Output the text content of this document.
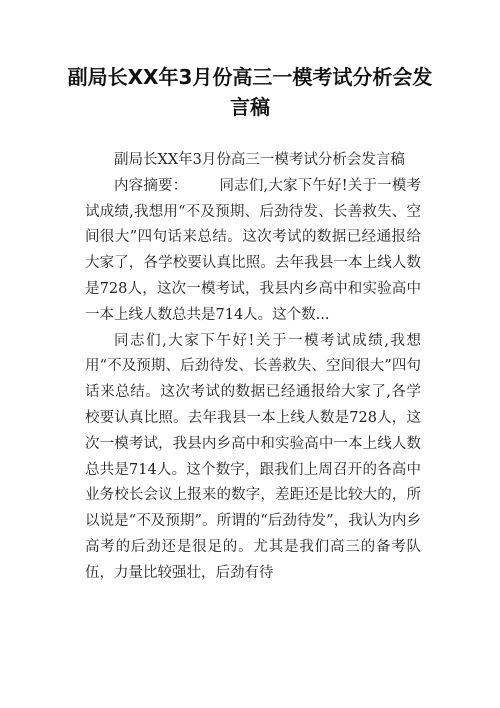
副局长XX年3月份高三一模考试分析会发言稿

副局长XX年3月份高三一模考试分析会发言稿

内容摘要： 同志们,大家下午好!关于一模考试成绩,我想用“不及预期、后劲待发、长善救失、空间很大”四句话来总结。这次考试的数据已经通报给大家了，各学校要认真比照。去年我县一本上线人数是728人，这次一模考试，我县内乡高中和实验高中一本上线人数总共是714人。这个数...

同志们,大家下午好!关于一模考试成绩,我想用“不及预期、后劲待发、长善救失、空间很大”四句话来总结。这次考试的数据已经通报给大家了,各学校要认真比照。去年我县一本上线人数是728人，这次一模考试，我县内乡高中和实验高中一本上线人数总共是714人。这个数字，跟我们上周召开的各高中业务校长会议上报来的数字，差距还是比较大的，所以说是“不及预期”。所谓的“后劲待发”，我认为内乡高考的后劲还是很足的。尤其是我们高三的备考队伍，力量比较强壮，后劲有待
